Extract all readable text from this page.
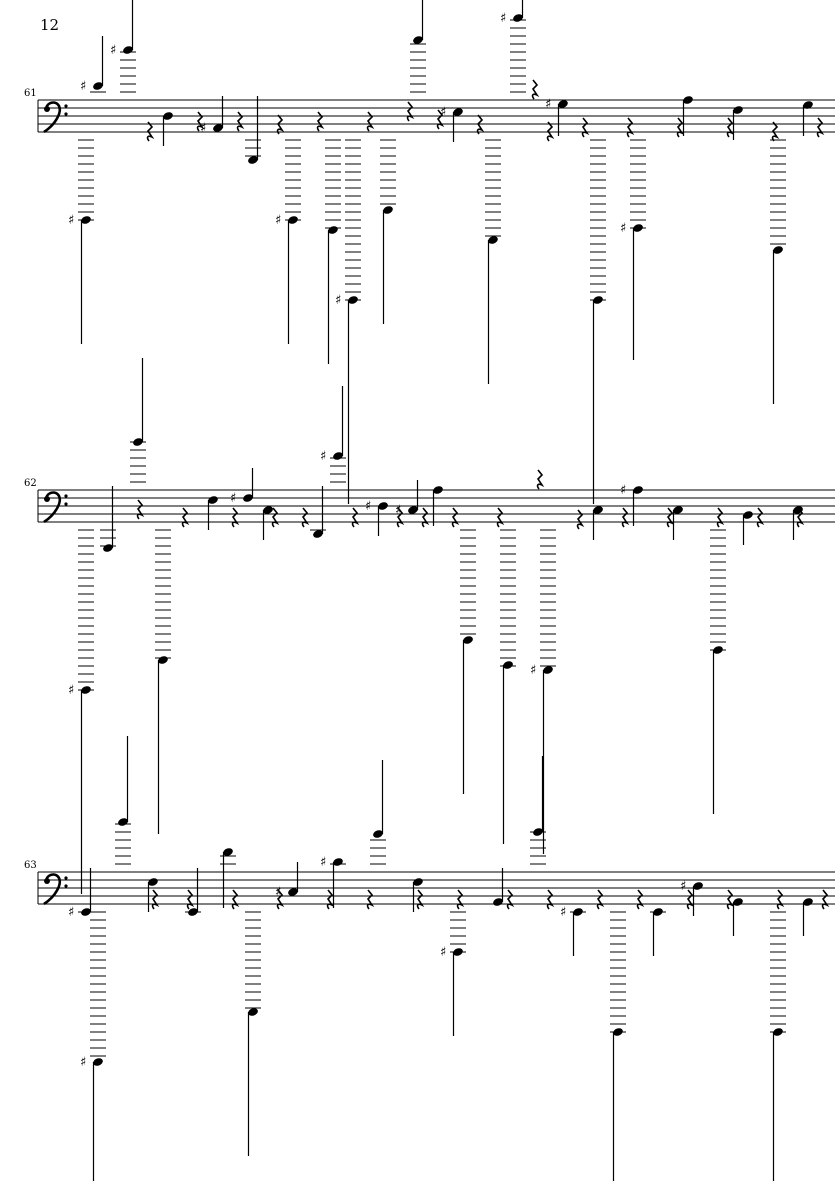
12
61
♯
♯
♯
♯
♯
♯
♯
♯
♯
♯
62
♯
♯
♯
♯ ♯
♯
♯
63
♯
♯
♯
♯
♯
♯
♯
